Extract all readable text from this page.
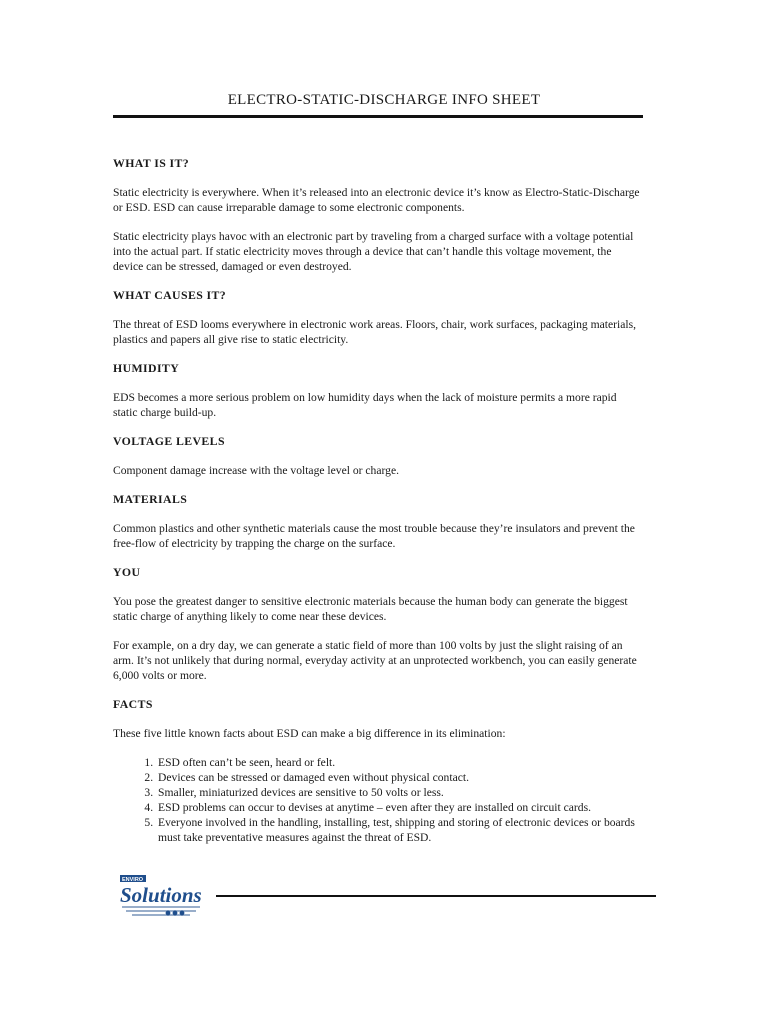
ELECTRO-STATIC-DISCHARGE INFO SHEET
WHAT IS IT?

Static electricity is everywhere. When it’s released into an electronic device it’s know as Electro-Static-Discharge or ESD. ESD can cause irreparable damage to some electronic components.

Static electricity plays havoc with an electronic part by traveling from a charged surface with a voltage potential into the actual part. If static electricity moves through a device that can’t handle this voltage movement, the device can be stressed, damaged or even destroyed.

WHAT CAUSES IT?

The threat of ESD looms everywhere in electronic work areas. Floors, chair, work surfaces, packaging materials, plastics and papers all give rise to static electricity.

HUMIDITY

EDS becomes a more serious problem on low humidity days when the lack of moisture permits a more rapid static charge build-up.

VOLTAGE LEVELS

Component damage increase with the voltage level or charge.

MATERIALS

Common plastics and other synthetic materials cause the most trouble because they’re insulators and prevent the free-flow of electricity by trapping the charge on the surface.

YOU

You pose the greatest danger to sensitive electronic materials because the human body can generate the biggest static charge of anything likely to come near these devices.

For example, on a dry day, we can generate a static field of more than 100 volts by just the slight raising of an arm. It’s not unlikely that during normal, everyday activity at an unprotected workbench, you can easily generate 6,000 volts or more.

FACTS

These five little known facts about ESD can make a big difference in its elimination:

1. ESD often can’t be seen, heard or felt.
2. Devices can be stressed or damaged even without physical contact.
3. Smaller, miniaturized devices are sensitive to 50 volts or less.
4. ESD problems can occur to devises at anytime – even after they are installed on circuit cards.
5. Everyone involved in the handling, installing, test, shipping and storing of electronic devices or boards must take preventative measures against the threat of ESD.
ENVIRO
Solutions
